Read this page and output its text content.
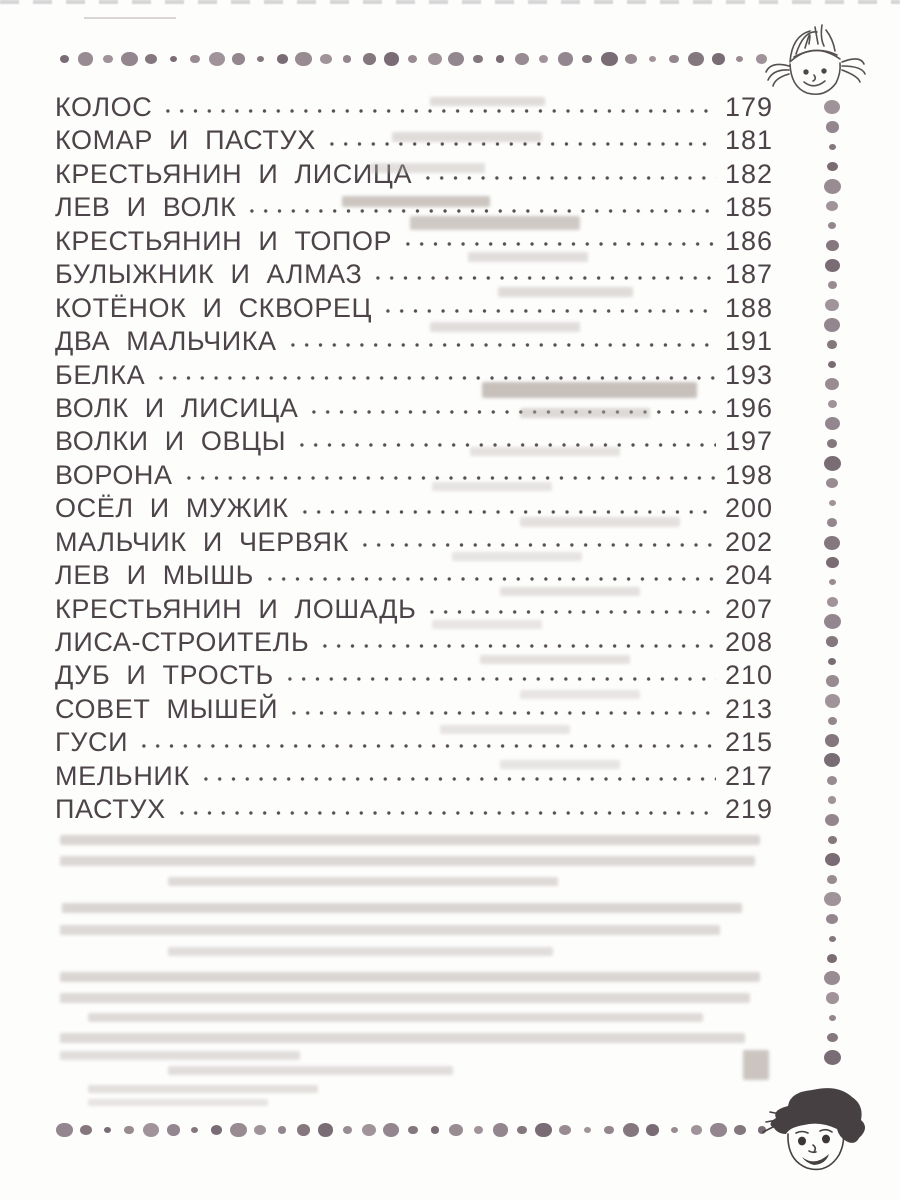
КОЛОС	179
КОМАР И ПАСТУХ	181
КРЕСТЬЯНИН И ЛИСИЦА	182
ЛЕВ И ВОЛК	185
КРЕСТЬЯНИН И ТОПОР	186
БУЛЫЖНИК И АЛМАЗ	187
КОТЁНОК И СКВОРЕЦ	188
ДВА МАЛЬЧИКА	191
БЕЛКА	193
ВОЛК И ЛИСИЦА	196
ВОЛКИ И ОВЦЫ	197
ВОРОНА	198
ОСЁЛ И МУЖИК	200
МАЛЬЧИК И ЧЕРВЯК	202
ЛЕВ И МЫШЬ	204
КРЕСТЬЯНИН И ЛОШАДЬ	207
ЛИСА-СТРОИТЕЛЬ	208
ДУБ И ТРОСТЬ	210
СОВЕТ МЫШЕЙ	213
ГУСИ	215
МЕЛЬНИК	217
ПАСТУХ	219
